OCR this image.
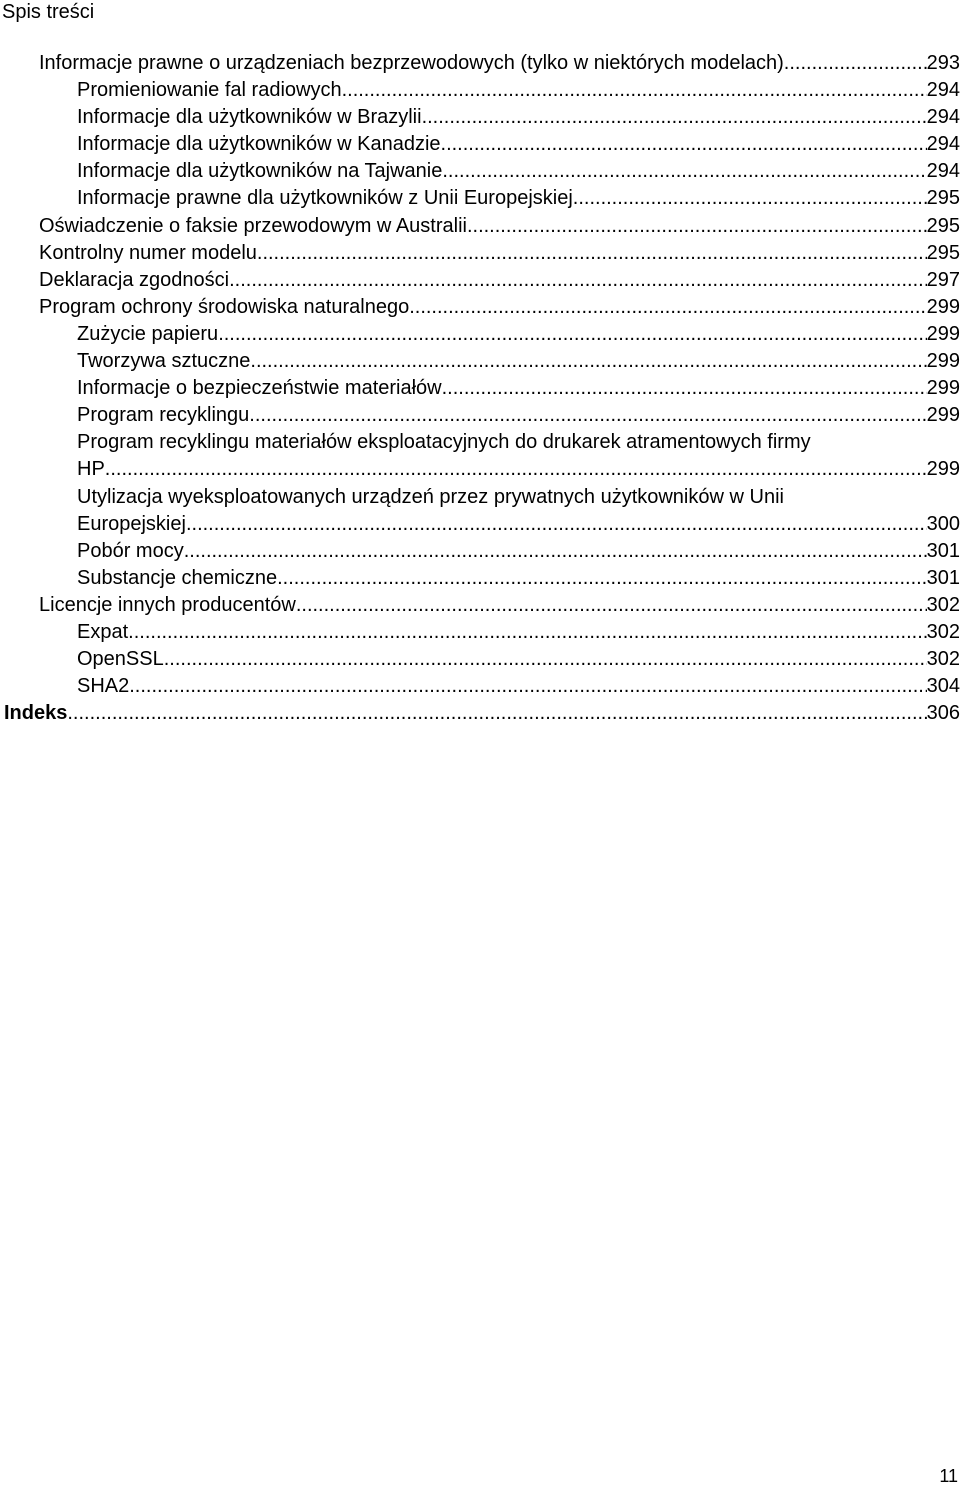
Spis treści
Informacje prawne o urządzeniach bezprzewodowych (tylko w niektórych modelach) .....	293
Promieniowanie fal radiowych .....	294
Informacje dla użytkowników w Brazylii .....	294
Informacje dla użytkowników w Kanadzie .....	294
Informacje dla użytkowników na Tajwanie .....	294
Informacje prawne dla użytkowników z Unii Europejskiej .....	295
Oświadczenie o faksie przewodowym w Australii .....	295
Kontrolny numer modelu .....	295
Deklaracja zgodności .....	297
Program ochrony środowiska naturalnego .....	299
Zużycie papieru .....	299
Tworzywa sztuczne .....	299
Informacje o bezpieczeństwie materiałów .....	299
Program recyklingu .....	299
Program recyklingu materiałów eksploatacyjnych do drukarek atramentowych firmy
HP .....	299
Utylizacja wyeksploatowanych urządzeń przez prywatnych użytkowników w Unii
Europejskiej .....	300
Pobór mocy .....	301
Substancje chemiczne .....	301
Licencje innych producentów .....	302
Expat .....	302
OpenSSL .....	302
SHA2 .....	304
Indeks .....	306
11
